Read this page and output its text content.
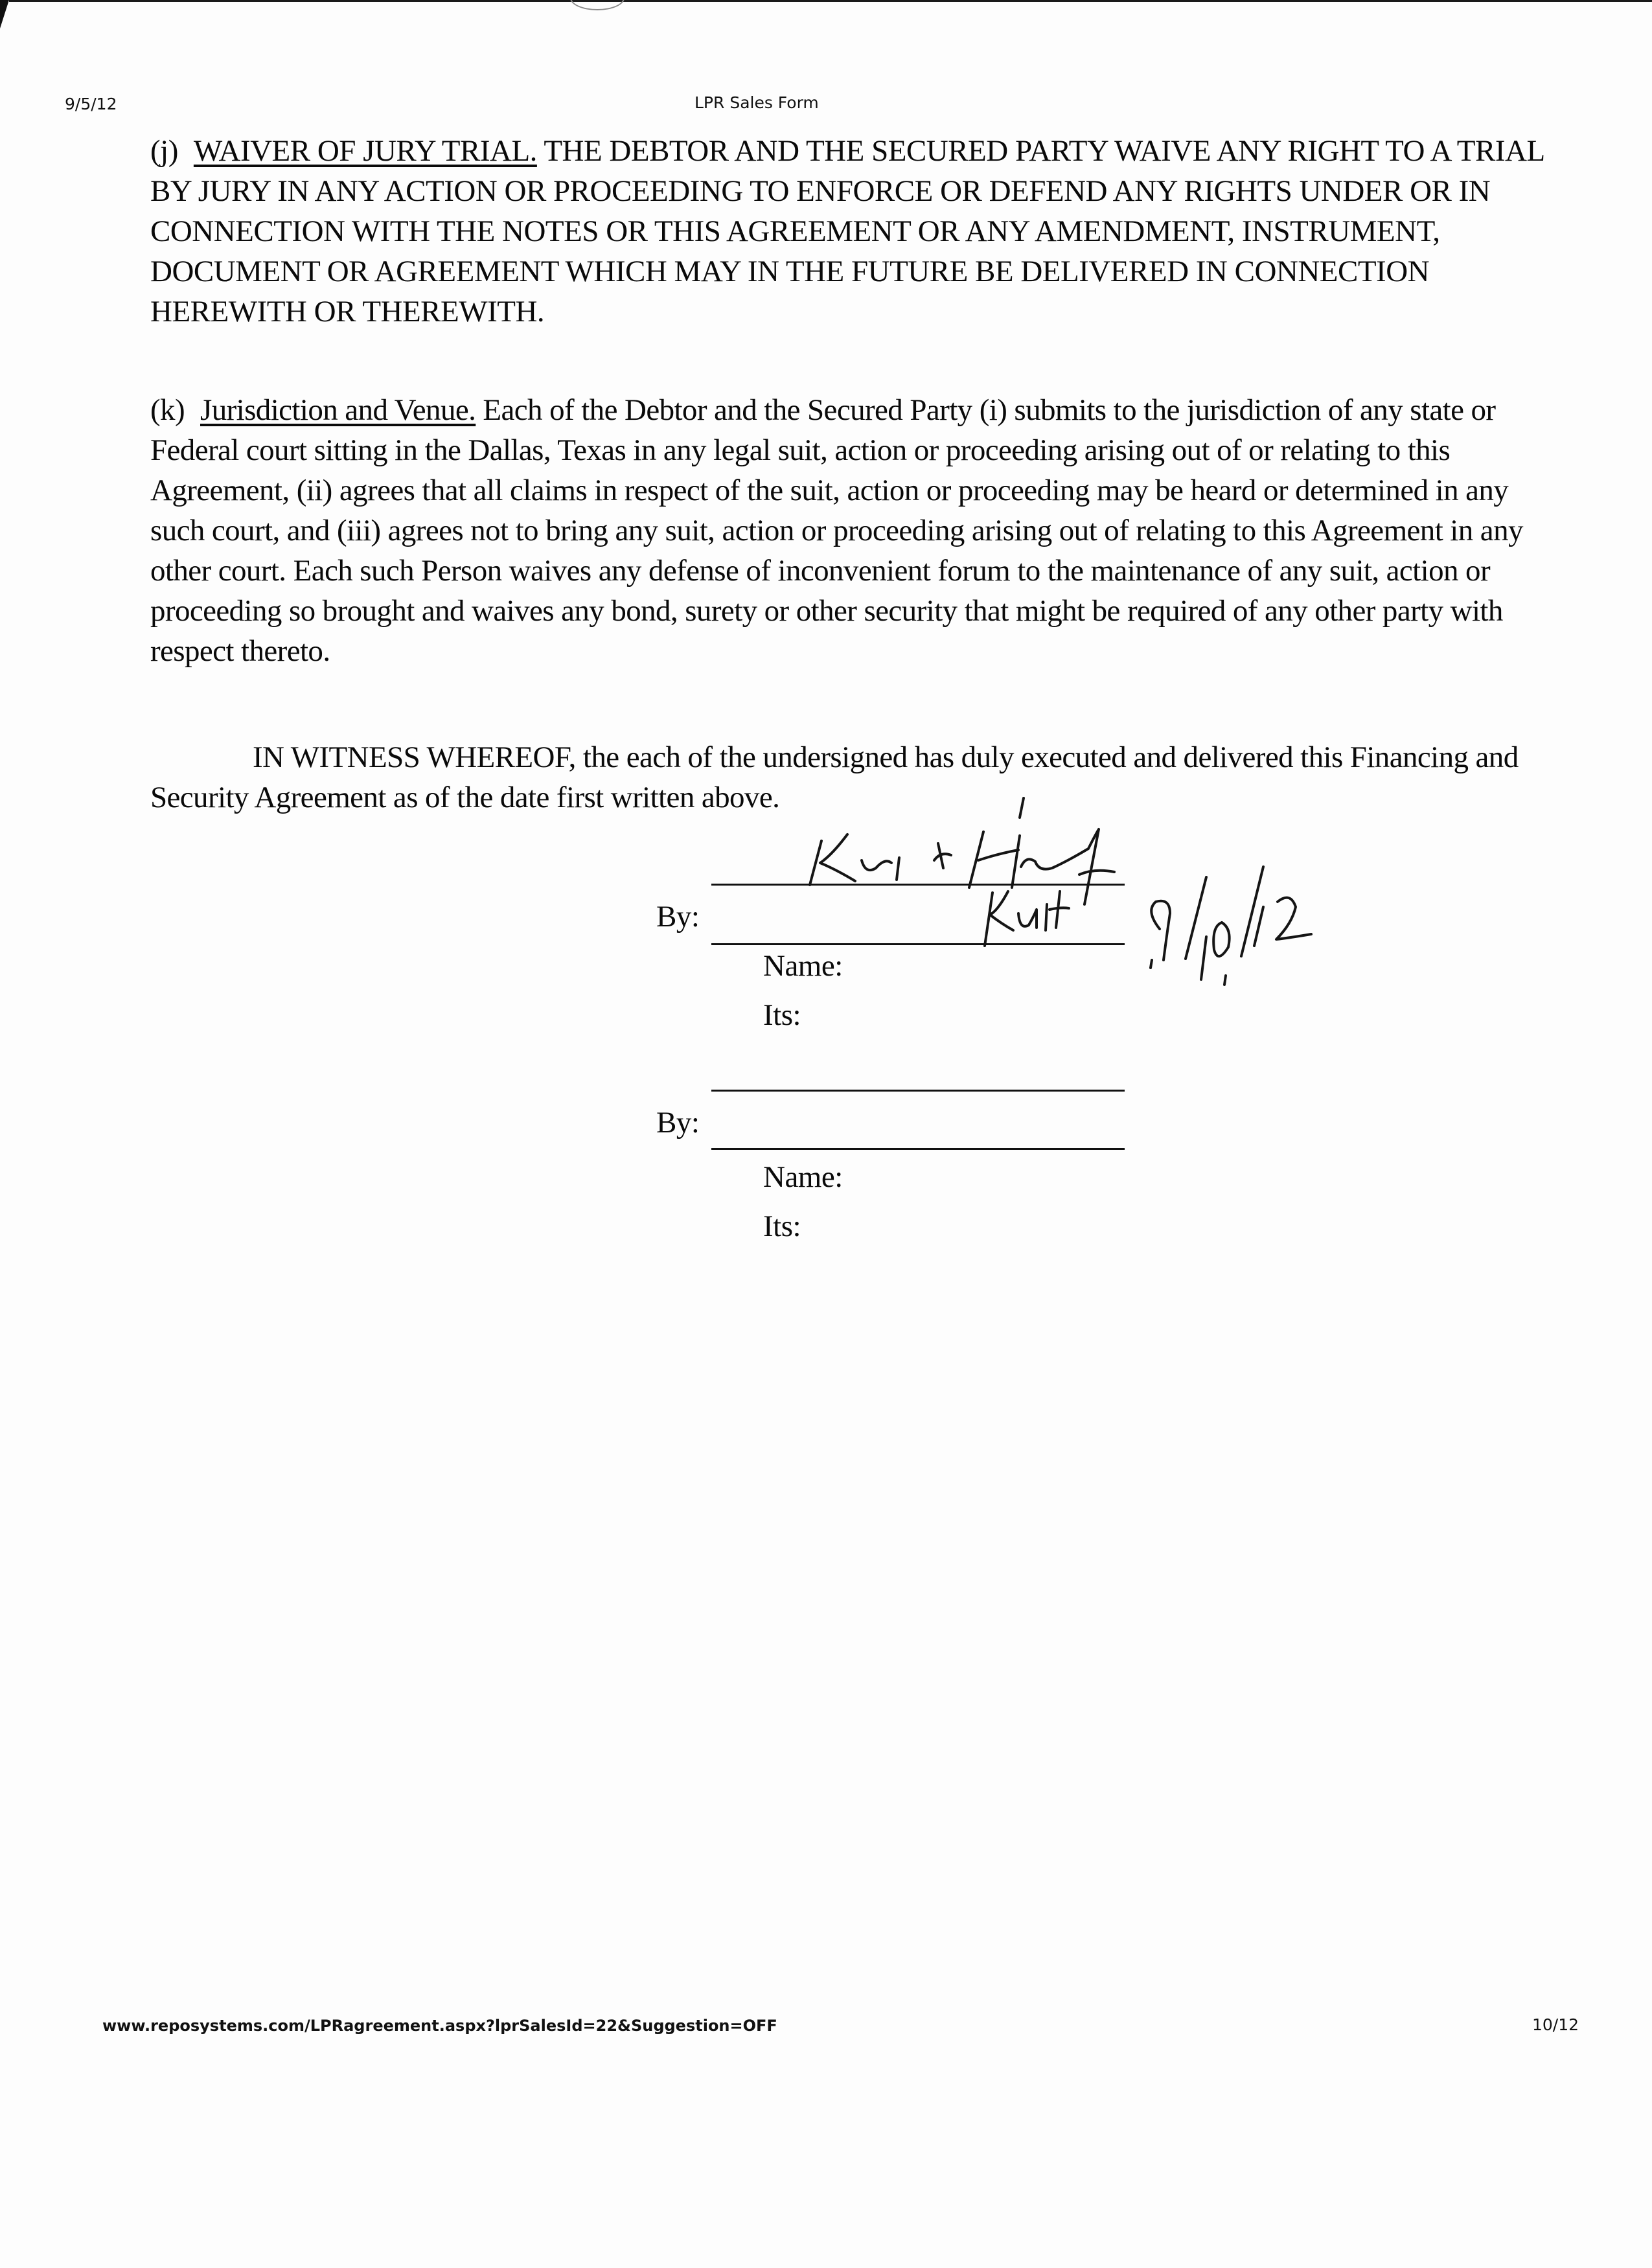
9/5/12	LPR Sales Form

(j) WAIVER OF JURY TRIAL. THE DEBTOR AND THE SECURED PARTY WAIVE ANY RIGHT TO A TRIAL BY JURY IN ANY ACTION OR PROCEEDING TO ENFORCE OR DEFEND ANY RIGHTS UNDER OR IN CONNECTION WITH THE NOTES OR THIS AGREEMENT OR ANY AMENDMENT, INSTRUMENT, DOCUMENT OR AGREEMENT WHICH MAY IN THE FUTURE BE DELIVERED IN CONNECTION HEREWITH OR THEREWITH.

(k) Jurisdiction and Venue. Each of the Debtor and the Secured Party (i) submits to the jurisdiction of any state or Federal court sitting in the Dallas, Texas in any legal suit, action or proceeding arising out of or relating to this Agreement, (ii) agrees that all claims in respect of the suit, action or proceeding may be heard or determined in any such court, and (iii) agrees not to bring any suit, action or proceeding arising out of relating to this Agreement in any other court. Each such Person waives any defense of inconvenient forum to the maintenance of any suit, action or proceeding so brought and waives any bond, surety or other security that might be required of any other party with respect thereto.

IN WITNESS WHEREOF, the each of the undersigned has duly executed and delivered this Financing and Security Agreement as of the date first written above.

By:
Name:
Its:
By:
Name:
Its:
www.reposystems.com/LPRagreement.aspx?lprSalesId=22&Suggestion=OFF	10/12
